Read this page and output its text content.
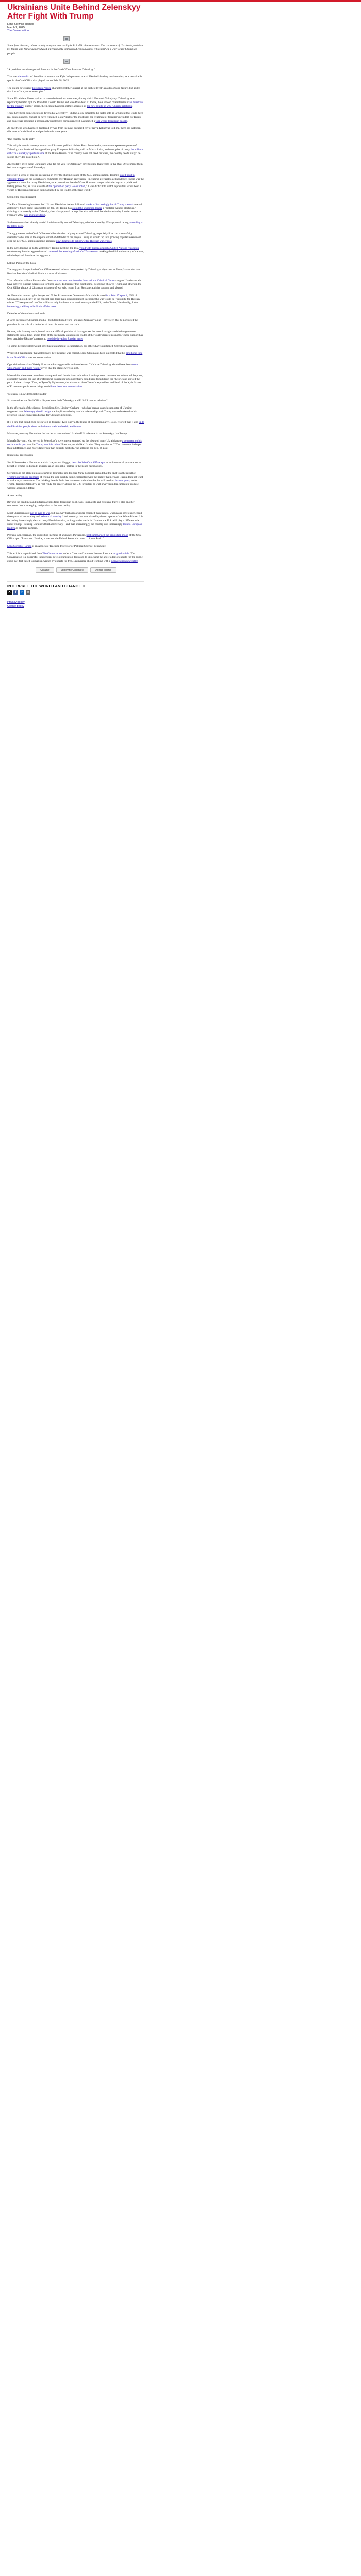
Ukrainians Unite Behind Zelenskyy After Fight With Trump
Lena Surzhko-Harned
March 2, 2025
The Conversation

Some fear disaster, others calmly accept a new reality in U.S.-Ukraine relations. The treatment of Ukraine's president by Trump and Vance has produced a presumably unintended consequence: it has unified a war-weary Ukrainian people.

"A president lost disrespected America in the Oval Office. It wasn't Zelenskyy."

That was the verdict of the editorial team at the Kyiv Independent, one of Ukraine's leading media outlets, as a remarkable spat in the Oval Office that played out on Feb. 28, 2025.

The online newspaper European Pravda characterized the "quarrel at the highest level" as a diplomatic failure, but added that it was "not yet a catastrophe."

Some Ukrainians I have spoken to since the fractious encounter, during which Ukraine's Volodymyr Zelenskyy was reportedly berated by U.S. President Donald Trump and Vice President JD Vance, have indeed characterized it as disastrous for the country. But for others, the incident has been calmly accepted as the new reality in U.S.-Ukraine relations.

There have been some questions directed at Zelenskyy – did he allow himself to be baited into an argument that could have real consequences? Should he have remained silent? But for the most part, the treatment of Ukraine's president by Trump and Vance has produced a presumably unintended consequence: It has unified a war-weary Ukrainian people.

As one friend who has been displaced by war from the now-occupied city of Nova Kakhovka told me, there has not been this level of mobilization and patriotism in three years.

'The country needs unity'

This unity is seen in the response across Ukraine's political divide. Petro Poroshenko, an ultra-outspoken opponent of Zelenskyy and leader of the opposition party European Solidarity, said on March 1 that, to the surprise of many, he will not criticize Zelenskyy's performance at the White House. "The country does not need criticism, the country needs unity," he said in the video posted on X.

Anecdotally, even those Ukrainians who did not vote for Zelenskyy have told me that events in the Oval Office made them feel more supportive of Zelenskyy.

However, a sense of realism is existing in over the shifting stance of the U.S. administration. Trump's stated trust in Vladimir Putin and his conciliatory comments over Russian aggression – including a refusal to acknowledge Russia was the aggressor – have, for many Ukrainians, set expectations that the White House no longer holds the keys to a quick and lasting peace. Yet, as Ivan Krevets of the opposition party Holos noted, "It was difficult to watch a president who's been a victim of Russian aggression being attacked by the leader of the free world."

Setting the record straight

The Feb. 28 meeting between the U.S. and Ukrainian leaders followed weeks of increasingly harsh Trump rhetoric toward Zelenskyy. Since being inaugurated on Jan. 20, Trump has called the Ukrainian leader a "dictator without elections," claiming – incorrectly – that Zelenskyy had 4% approval ratings. He also indicated that the invasion by Russian troops in February 2022 was Ukraine's fault.

Such comments had already made Ukrainians rally around Zelenskyy, who has a healthy 63% approval rating, according to the latest polls.

The ugly scenes in the Oval Office could be a further rallying around Zelenskyy, especially if he can successfully characterize his role in the dispute as that of defender of his people. Doing so would tap into growing popular resentment over the new U.S. administration's apparent unwillingness to acknowledge Russian war crimes.

In the days leading up to the Zelenskyy-Trump meeting, the U.S. voted with Russia against a United Nations resolution condemning Russian aggression and censored the wording of a draft G7 statement marking the third anniversary of the war, which depicted Russia as the aggressor.

Letting Putin off the hook

The angry exchanges in the Oval Office seemed to have been sparked by Zelenskyy's objection to Trump's assertion that Russian President Vladimir Putin is a man of his word.

That refusal to call out Putin – who faces an arrest warrant from the International Criminal Court – angers Ukrainians who have suffered Russian aggression for three years. To hammer that point home, Zelenskyy showed Trump and others in the Oval Office photos of Ukrainian prisoners of war who return from Russian captivity tortured and abused.

As Ukrainian human rights lawyer and Nobel Prize winner Oleksandra Matviichuk noted in a Feb. 27 speech, 63% of Ukrainians polled early in the conflict said their main disappointment in ending the war would be "impunity for Russian crimes." Three years of conflict will have only hardened that sentiment – yet the U.S., under Trump's leadership, looks increasingly willing to let Putin off the hook.

Defender of the nation – and truth

A large section of Ukrainian media – both traditionally pro- and anti-Zelenskyy alike – have seen that he portrayed the president in the role of a defender of both his nation and the truth.

He was, this framing has it, forced into the difficult position of having to set the record straight and challenge untrue statements in real time, and in front of the seemingly antagonistic leader of the world's largest economy, whose support has been crucial to Ukraine's attempt to repel the invading Russian army.

To some, keeping silent would have been tantamount to capitulation, but others have questioned Zelenskyy's approach.

While still maintaining that Zelenskyy's key message was correct, some Ukrainians have suggested that his emotional tone in the Oval Office was not constructive.

Opposition lawmaker Oleksiy Goncharenko suggested in an interview on CNN that Zelenskyy should have been more "diplomatic" and more "calm" given that the stakes were so high.

Meanwhile, there were also those who questioned the decision to hold such an important conversation in front of the press, especially without the use of professional translators who potentially could have toned down the rhetoric and slowed the pace of the exchange. Thus, as Tymofiy Mylovanov, the adviser to the office of the president and head of the Kyiv School of Economics put it, some things could have been lost in translation.

'Zelensky is now democratic leader'

So where does the Oval Office dispute leave both Zelenskyy and U.S.-Ukrainian relations?

In the aftermath of the dispute, Republican Sen. Lindsey Graham – who has been a staunch supporter of Ukraine – suggested that Zelenskyy should resign, the implication being that his relationship with Trump was so broken that his presence is now counterproductive for Ukraine's priorities.

It is a line that hasn't gone down well in Ukraine. Kira Rudyk, the leader of opposition party Holos, retorted that it was up to the Ukrainian people alone to decide on their leadership and future.

Moreover, to many Ukrainians the barrier to harmonious Ukraine-U.S. relations is not Zelenskyy, but Trump.

Mustafa Nayyem, who served in Zelenskyy's government, summed up the views of many Ukrainians to a comment on his social media post that the Trump administration "does not just dislike Ukraine. They despise us." "The contempt is deeper than indifference, and more dangerous than outright hostility," he added in the Feb. 28 post.

Intentional provocation

Serhii Sternenko, a Ukrainian activist lawyer and blogger, described the Oval Office spat as an intentional provocation on behalf of Trump to discredit Ukraine as an unreliable partner in the peace negotiations.

Sternenko is not alone in his assessment. Journalist and blogger Yuriy Podoliak argued that the spat was the result of Trump's unrealistic promises of ending the war quickly being confronted with the reality that perhaps Russia does not want to make any concessions. The thinking here is Putin has shown no indication that he will bend on his war goals, so for Trump, framing Zelenskyy as "not ready for peace" allows the U.S. president to walk away from his campaign promise without accepting defeat.

A new reality

Beyond the headlines and initial reactions from Ukrainian politicians, journalists and civilians, there is also another sentiment that is emerging: resignation to the new reality.

Most Ukrainians are not as avid to war, but in a way that appears more resigned than frantic. Ukrainians have experienced three years of uncertainty and existential security. Until recently, that was shared by the occupants of the White House. It is becoming increasingly clear to many Ukrainians that, as long as the war is in Ukraine, the U.S. will play a different role under Trump – sensing Ukraine's third anniversary – and that, increasingly, the country will increasingly look to European leaders as primary partners.

Perhaps Goncharenko, the opposition member of Ukraine's Parliament, best summarized the opposition mood of the Oval Office spat: "It was not Ukraine, it was not the United States who won … it was Putin."

Lena Surzhko-Harned is an Associate Teaching Professor of Political Science, Penn State.

This article is republished from The Conversation under a Creative Commons license. Read the original article. The Conversation is a nonprofit, independent news organization dedicated to unlocking the knowledge of experts for the public good. Get fact-based journalism written by experts for free. Learn more about working with a Conversation newsletter.

Ukraine	Volodymyr Zelensky	Donald Trump
INTERPRET THE WORLD AND CHANGE IT
X	f	in	✉
Privacy policy
Cookie policy
